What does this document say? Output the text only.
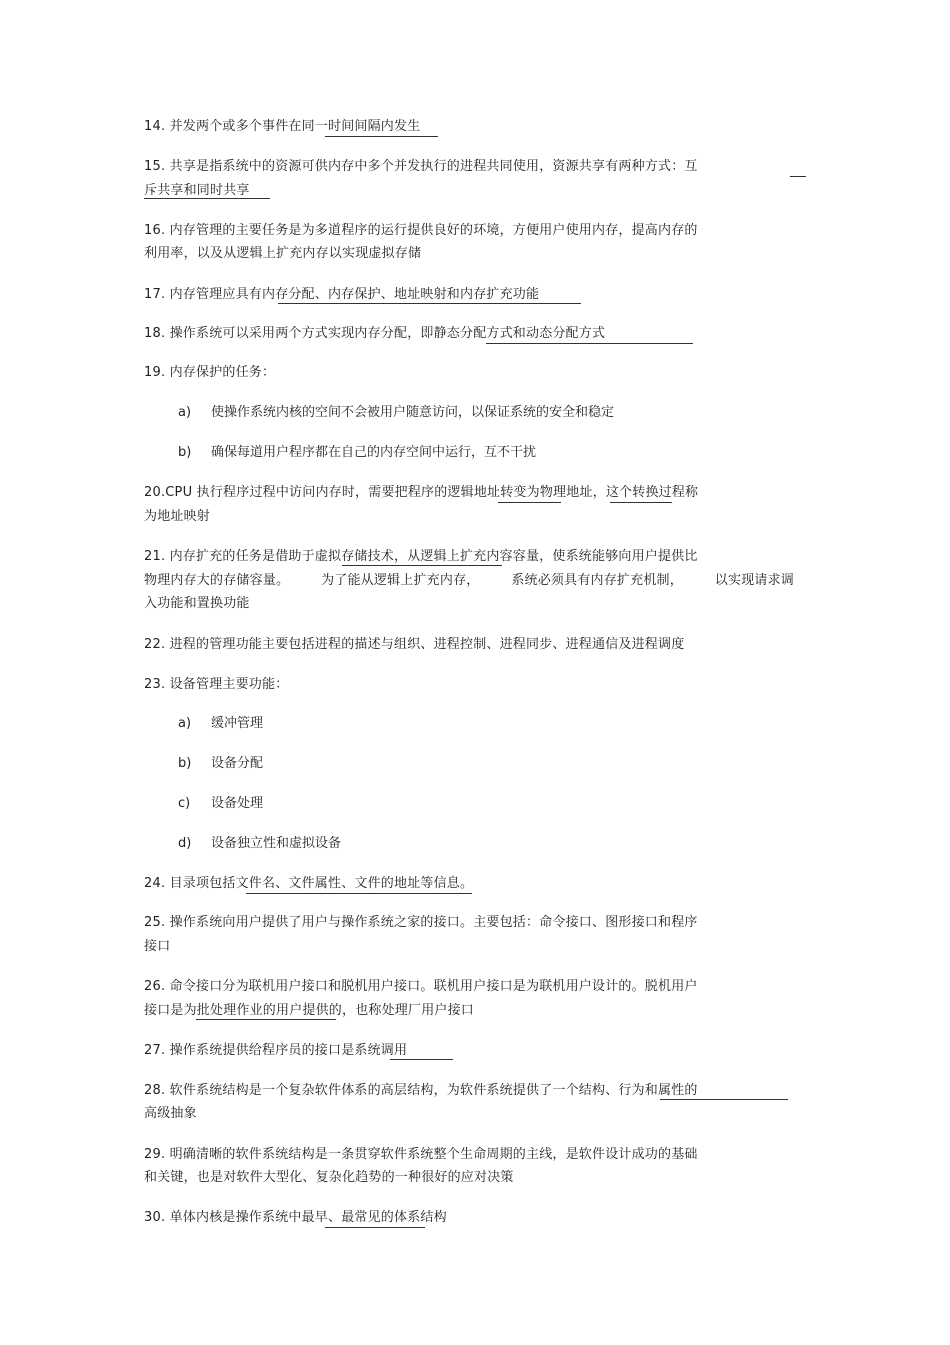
14. 并发两个或多个事件在同一时间间隔内发生
15. 共享是指系统中的资源可供内存中多个并发执行的进程共同使用，资源共享有两种方式：互
斥共享和同时共享
16. 内存管理的主要任务是为多道程序的运行提供良好的环境，方便用户使用内存，提高内存的
利用率，以及从逻辑上扩充内存以实现虚拟存储
17. 内存管理应具有内存分配、内存保护、地址映射和内存扩充功能
18. 操作系统可以采用两个方式实现内存分配，即静态分配方式和动态分配方式
19. 内存保护的任务：
a) 使操作系统内核的空间不会被用户随意访问，以保证系统的安全和稳定
b) 确保每道用户程序都在自己的内存空间中运行，互不干扰
20.CPU 执行程序过程中访问内存时，需要把程序的逻辑地址转变为物理地址，这个转换过程称
为地址映射
21. 内存扩充的任务是借助于虚拟存储技术，从逻辑上扩充内容容量，使系统能够向用户提供比
物理内存大的存储容量。 为了能从逻辑上扩充内存， 系统必须具有内存扩充机制， 以实现请求调
入功能和置换功能
22. 进程的管理功能主要包括进程的描述与组织、进程控制、进程同步、进程通信及进程调度
23. 设备管理主要功能：
a) 缓冲管理
b) 设备分配
c) 设备处理
d) 设备独立性和虚拟设备
24. 目录项包括文件名、文件属性、文件的地址等信息。
25. 操作系统向用户提供了用户与操作系统之家的接口。主要包括：命令接口、图形接口和程序
接口
26. 命令接口分为联机用户接口和脱机用户接口。联机用户接口是为联机用户设计的。脱机用户
接口是为批处理作业的用户提供的，也称处理厂用户接口
27. 操作系统提供给程序员的接口是系统调用
28. 软件系统结构是一个复杂软件体系的高层结构，为软件系统提供了一个结构、行为和属性的
高级抽象
29. 明确清晰的软件系统结构是一条贯穿软件系统整个生命周期的主线，是软件设计成功的基础
和关键，也是对软件大型化、复杂化趋势的一种很好的应对决策
30. 单体内核是操作系统中最早、最常见的体系结构
